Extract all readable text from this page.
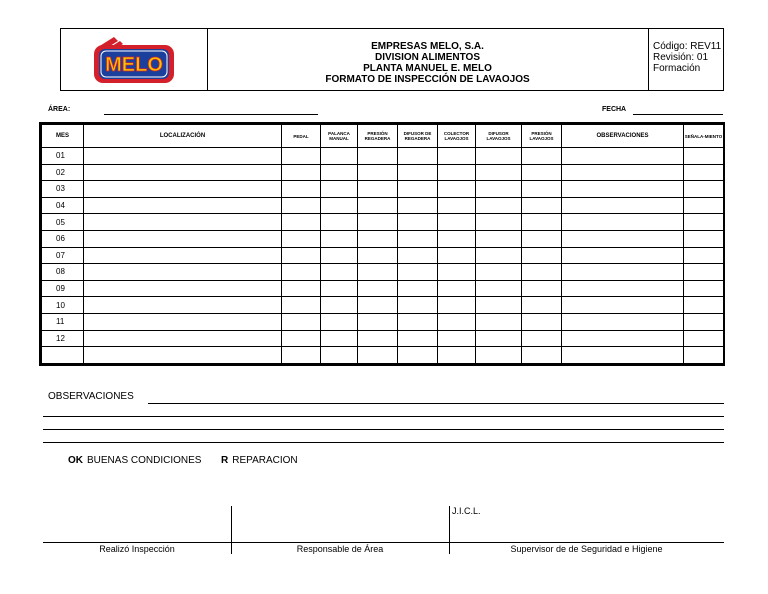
MELO
EMPRESAS MELO, S.A.
DIVISION ALIMENTOS
PLANTA MANUEL E. MELO
FORMATO DE INSPECCIÓN DE LAVAOJOS
Código: REV11
Revisión: 01
Formación
ÁREA:	FECHA
MES	LOCALIZACIÓN	PEDAL	PALANCA MANUAL	PRESIÓN REGADERA	DIFUSOR DE REGADERA	COLECTOR LAVAOJOS	DIFUSOR LAVAOJOS	PRESIÓN LAVAOJOS	OBSERVACIONES	SEÑALA-MIENTO
01										
02										
03										
04										
05										
06										
07										
08										
09										
10										
11										
12										

OBSERVACIONES
OK BUENAS CONDICIONES R REPARACION
J.I.C.L.
Realizó Inspección	Responsable de Área	Supervisor de de Seguridad e Higiene
